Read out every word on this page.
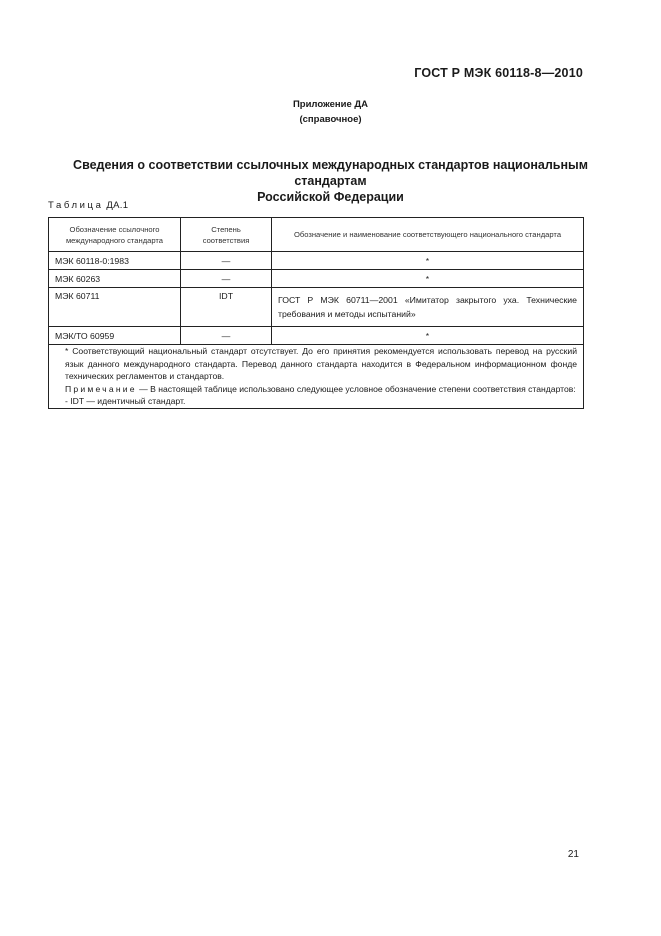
ГОСТ Р МЭК 60118-8—2010
Приложение ДА
(справочное)
Сведения о соответствии ссылочных международных стандартов национальным стандартам
Российской Федерации
Таблица ДА.1
Обозначение ссылочного международного стандарта	Степень соответствия	Обозначение и наименование соответствующего национального стандарта
МЭК 60118-0:1983	—	*
МЭК 60263	—	*
МЭК 60711	IDT	ГОСТ Р МЭК 60711—2001 «Имитатор закрытого уха. Технические требования и методы испытаний»
МЭК/ТО 60959	—	*

* Соответствующий национальный стандарт отсутствует. До его принятия рекомендуется использовать перевод на русский язык данного международного стандарта. Перевод данного стандарта находится в Федеральном информационном фонде технических регламентов и стандартов.
Примечание — В настоящей таблице использовано следующее условное обозначение степени соответствия стандартов:
- IDT — идентичный стандарт.		
21
